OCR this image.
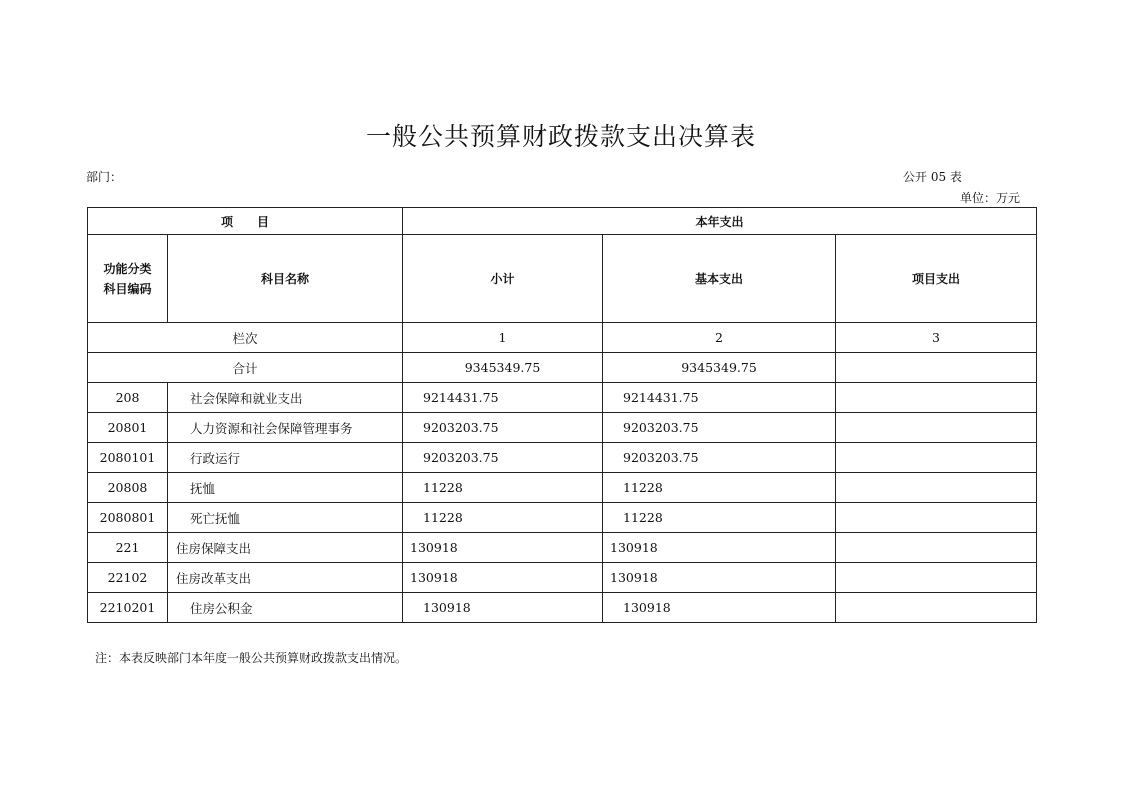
一般公共预算财政拨款支出决算表
部门：	公开 05 表
单位：万元
项　　目		本年支出		

功能分类
科目编码	科目名称	小计	基本支出	项目支出
栏次		1	2	3
合计		9345349.75	9345349.75	
208	社会保障和就业支出	9214431.75	9214431.75	
20801	人力资源和社会保障管理事务	9203203.75	9203203.75	
2080101	行政运行	9203203.75	9203203.75	
20808	抚恤	11228	11228	
2080801	死亡抚恤	11228	11228	
221	住房保障支出	130918	130918	
22102	住房改革支出	130918	130918	
2210201	住房公积金	130918	130918	
注：本表反映部门本年度一般公共预算财政拨款支出情况。
